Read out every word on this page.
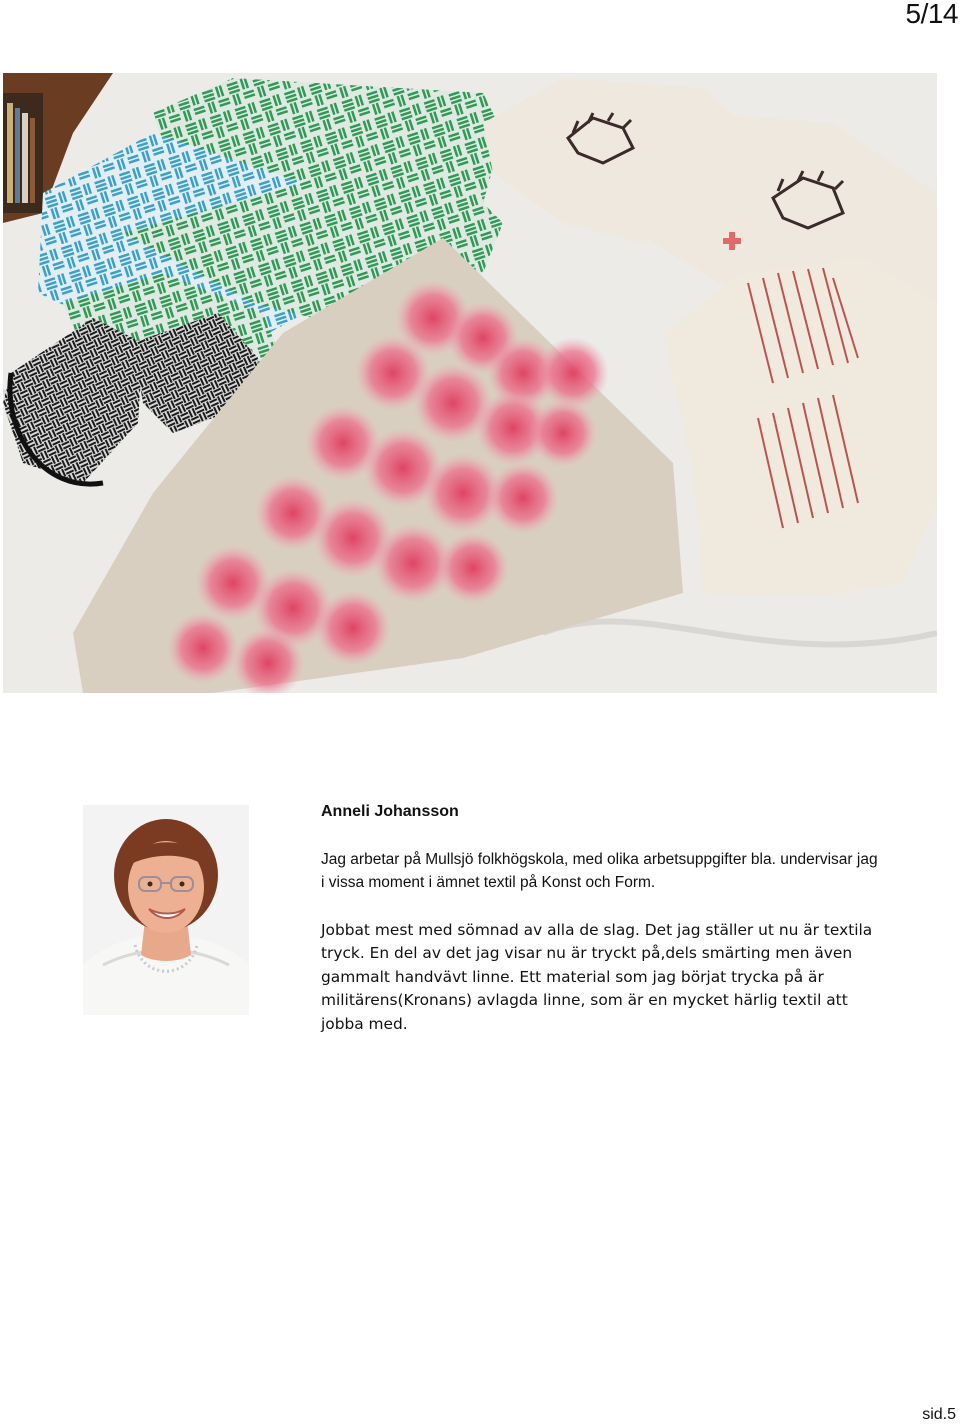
5/14

Anneli Johansson

Jag arbetar på Mullsjö folkhögskola, med olika arbetsuppgifter bla. undervisar jag i vissa moment i ämnet textil på Konst och Form.

Jobbat mest med sömnad av alla de slag. Det jag ställer ut nu är textila tryck. En del av det jag visar nu är tryckt på,dels smärting men även gammalt handvävt linne. Ett material som jag börjat trycka på är militärens(Kronans) avlagda linne, som är en mycket härlig textil att jobba med.

sid.5
